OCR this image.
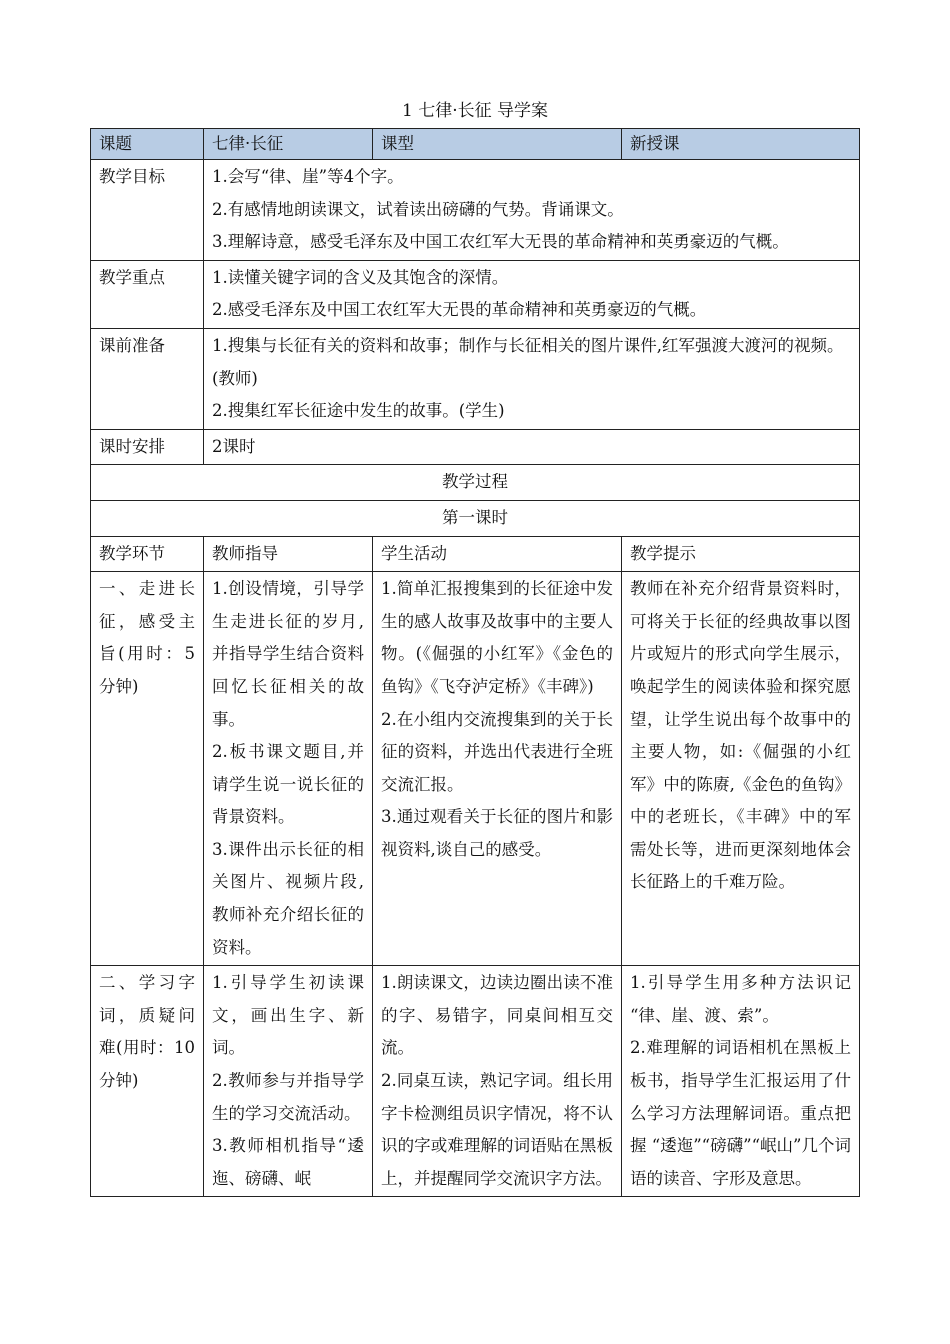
1 七律·长征 导学案
课题	七律·长征	课型	新授课
教学目标	1.会写“律、崖”等4个字。
2.有感情地朗读课文，试着读出磅礴的气势。背诵课文。
3.理解诗意，感受毛泽东及中国工农红军大无畏的革命精神和英勇豪迈的气概。		

教学重点	1.读懂关键字词的含义及其饱含的深情。
2.感受毛泽东及中国工农红军大无畏的革命精神和英勇豪迈的气概。		

课前准备	1.搜集与长征有关的资料和故事；制作与长征相关的图片课件,红军强渡大渡河的视频。(教师)
2.搜集红军长征途中发生的故事。(学生)		

课时安排	2课时		
教学过程			
第一课时			
教学环节	教师指导	学生活动	教学提示
一、走进长征，感受主旨(用时：5分钟)	1.创设情境，引导学生走进长征的岁月,并指导学生结合资料回忆长征相关的故事。
2.板书课文题目,并请学生说一说长征的背景资料。
3.课件出示长征的相关图片、视频片段,教师补充介绍长征的资料。	1.简单汇报搜集到的长征途中发生的感人故事及故事中的主要人物。(《倔强的小红军》《金色的鱼钩》《飞夺泸定桥》《丰碑》)
2.在小组内交流搜集到的关于长征的资料，并选出代表进行全班交流汇报。
3.通过观看关于长征的图片和影视资料,谈自己的感受。	教师在补充介绍背景资料时，可将关于长征的经典故事以图片或短片的形式向学生展示，唤起学生的阅读体验和探究愿望，让学生说出每个故事中的主要人物，如:《倔强的小红军》中的陈赓,《金色的鱼钩》中的老班长，《丰碑》中的军需处长等，进而更深刻地体会长征路上的千难万险。

二、学习字词，质疑问难(用时：10分钟)	1.引导学生初读课文，画出生字、新词。
2.教师参与并指导学生的学习交流活动。
3.教师相机指导“逶迤、磅礴、岷	1.朗读课文，边读边圈出读不准的字、易错字，同桌间相互交流。
2.同桌互读，熟记字词。组长用字卡检测组员识字情况，将不认识的字或难理解的词语贴在黑板上，并提醒同学交流识字方法。	1.引导学生用多种方法识记 “律、崖、渡、索”。
2.难理解的词语相机在黑板上板书，指导学生汇报运用了什么学习方法理解词语。重点把握 “逶迤”“磅礴”“岷山”几个词语的读音、字形及意思。
